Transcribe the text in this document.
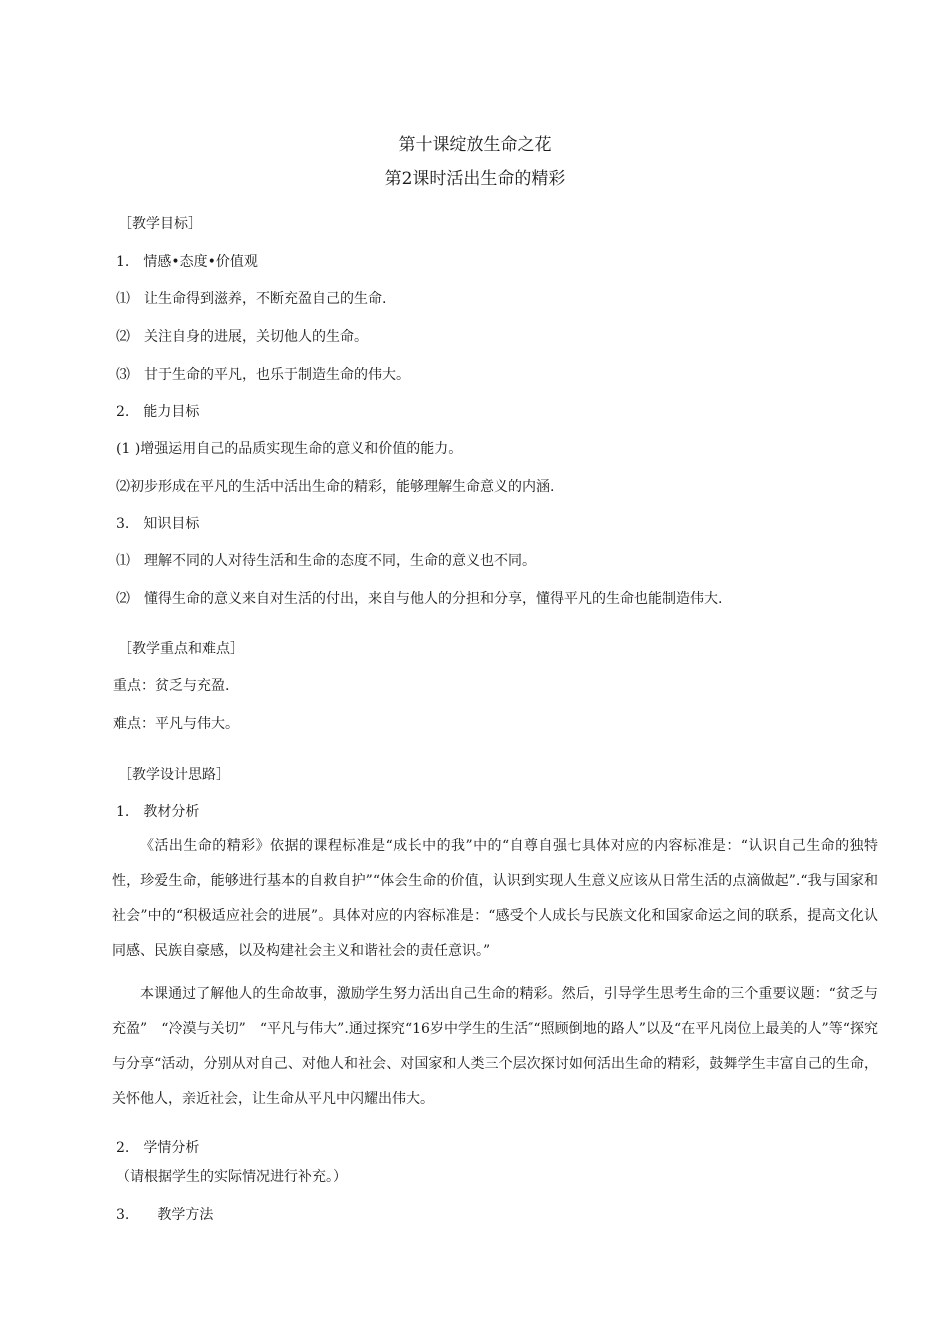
第十课绽放生命之花
第2课时活出生命的精彩
［教学目标］
1.　情感•态度•价值观
⑴　让生命得到滋养，不断充盈自己的生命.
⑵　关注自身的进展，关切他人的生命。
⑶　甘于生命的平凡，也乐于制造生命的伟大。
2.　能力目标
(1 )增强运用自己的品质实现生命的意义和价值的能力。
⑵初步形成在平凡的生活中活出生命的精彩，能够理解生命意义的内涵.
3.　知识目标
⑴　理解不同的人对待生活和生命的态度不同，生命的意义也不同。
⑵　懂得生命的意义来自对生活的付出，来自与他人的分担和分享，懂得平凡的生命也能制造伟大.
［教学重点和难点］
重点：贫乏与充盈.
难点：平凡与伟大。
［教学设计思路］
1.　教材分析

《活出生命的精彩》依据的课程标准是“成长中的我”中的“自尊自强七具体对应的内容标准是：“认识自己生命的独特性，珍爱生命，能够进行基本的自救自护”“体会生命的价值，认识到实现人生意义应该从日常生活的点滴做起”.“我与国家和社会”中的“积极适应社会的进展”。具体对应的内容标准是：“感受个人成长与民族文化和国家命运之间的联系，提高文化认同感、民族自豪感，以及构建社会主义和谐社会的责任意识。”

本课通过了解他人的生命故事，激励学生努力活出自己生命的精彩。然后，引导学生思考生命的三个重要议题：“贫乏与充盈”　“冷漠与关切”　“平凡与伟大”.通过探究“16岁中学生的生活″“照顾倒地的路人”以及“在平凡岗位上最美的人”等“探究与分享“活动，分别从对自己、对他人和社会、对国家和人类三个层次探讨如何活出生命的精彩，鼓舞学生丰富自己的生命，关怀他人，亲近社会，让生命从平凡中闪耀出伟大。

2.　学情分析
（请根据学生的实际情况进行补充。）
3.　　教学方法
